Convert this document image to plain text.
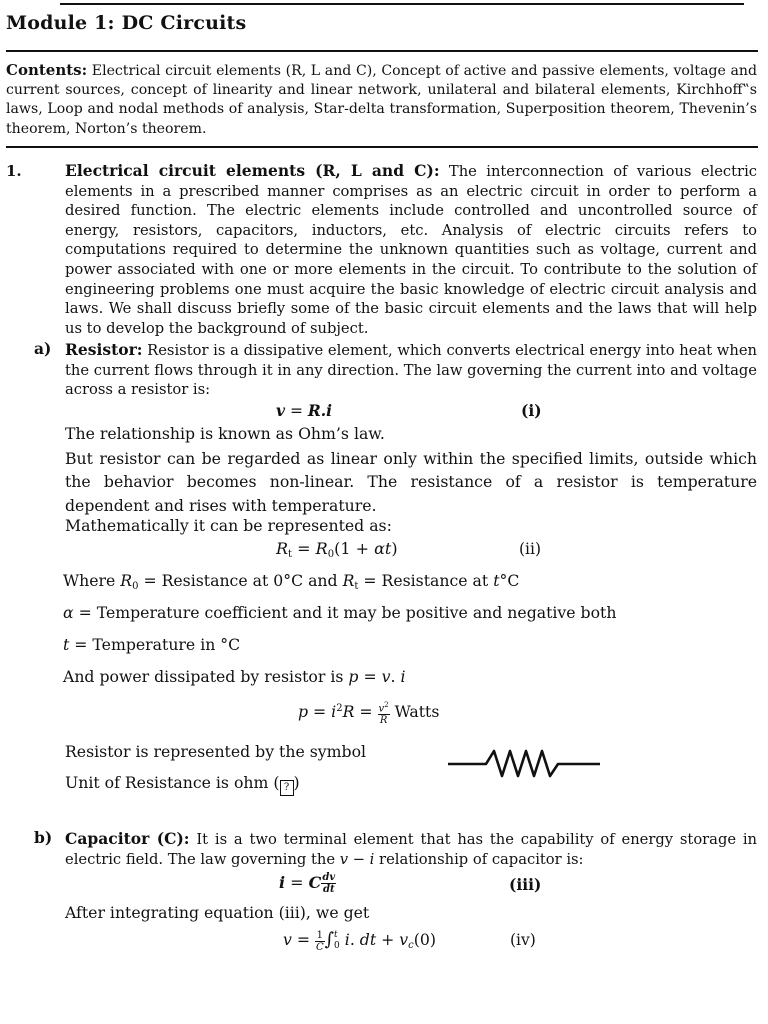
Module 1: DC Circuits
Contents: Electrical circuit elements (R, L and C), Concept of active and passive elements, voltage and current sources, concept of linearity and linear network, unilateral and bilateral elements, Kirchhoff‟s laws, Loop and nodal methods of analysis, Star-delta transformation, Superposition theorem, Thevenin’s theorem, Norton’s theorem.
1.	Electrical circuit elements (R, L and C): The interconnection of various electric elements in a prescribed manner comprises as an electric circuit in order to perform a desired function. The electric elements include controlled and uncontrolled source of energy, resistors, capacitors, inductors, etc. Analysis of electric circuits refers to computations required to determine the unknown quantities such as voltage, current and power associated with one or more elements in the circuit. To contribute to the solution of engineering problems one must acquire the basic knowledge of electric circuit analysis and laws. We shall discuss briefly some of the basic circuit elements and the laws that will help us to develop the background of subject.
a) Resistor: Resistor is a dissipative element, which converts electrical energy into heat when the current flows through it in any direction. The law governing the current into and voltage across a resistor is:
v = R.i	(i)
The relationship is known as Ohm’s law.
But resistor can be regarded as linear only within the specified limits, outside which the behavior becomes non-linear. The resistance of a resistor is temperature dependent and rises with temperature.
Mathematically it can be represented as:
$R_t = R_0(1 + \alpha t)$	(ii)
Where $R_0$ = Resistance at 0°C and $R_t$ = Resistance at t°C
α = Temperature coefficient and it may be positive and negative both
t = Temperature in °C
And power dissipated by resistor is p = v. i
$p = i^2R = \frac{v^2}{R}$ Watts
Resistor is represented by the symbol
Unit of Resistance is ohm ( ? )
b) Capacitor (C): It is a two terminal element that has the capability of energy storage in electric field. The law governing the v − i relationship of capacitor is:
i = C $\frac{dv}{dt}$	(iii)
After integrating equation (iii), we get
$v = \frac{1}{C}$ ∫ t
0 i. dt + $v_c(0)$	(iv)
